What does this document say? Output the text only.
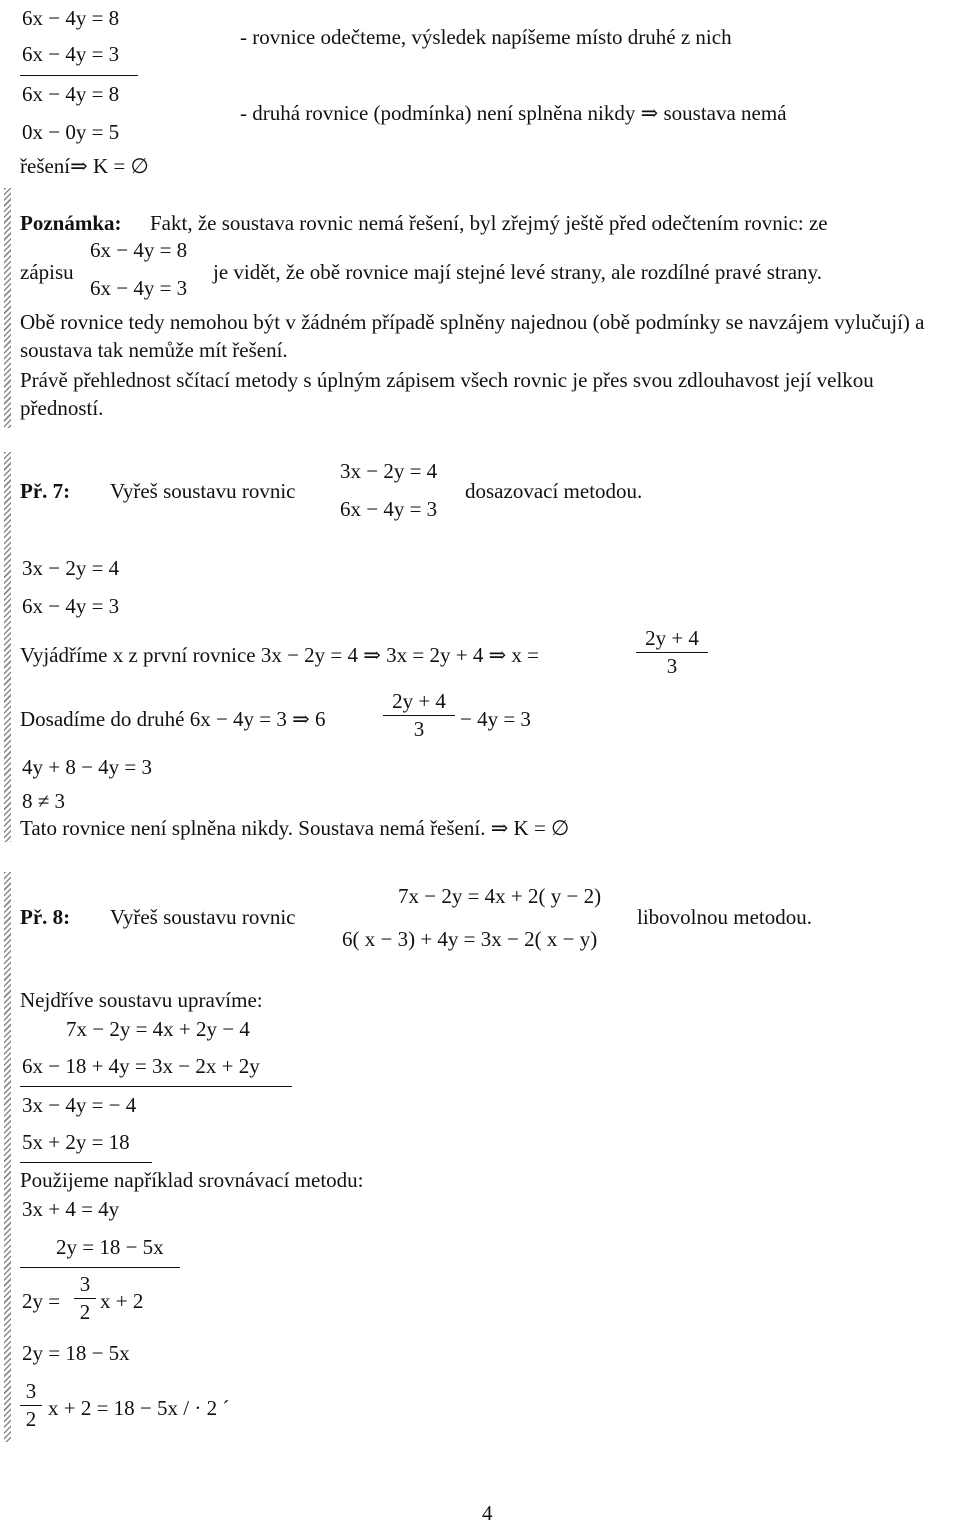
6x − 4y = 8
6x − 4y = 3
6x − 4y = 8
0x − 0y = 5
řešení⇒ K = ∅
- rovnice odečteme, výsledek napíšeme místo druhé z nich
- druhá rovnice (podmínka) není splněna nikdy ⇒ soustava nemá
Poznámka: Fakt, že soustava rovnic nemá řešení, byl zřejmý ještě před odečtením rovnic: ze
zápisu
6x − 4y = 8
6x − 4y = 3
je vidět, že obě rovnice mají stejné levé strany, ale rozdílné pravé strany.
Obě rovnice tedy nemohou být v žádném případě splněny najednou (obě podmínky se navzájem vylučují) a soustava tak nemůže mít řešení.
Právě přehlednost sčítací metody s úplným zápisem všech rovnic je přes svou zdlouhavost její velkou předností.
Př. 7: Vyřeš soustavu rovnic
3x − 2y = 4
6x − 4y = 3
dosazovací metodou.
3x − 2y = 4
6x − 4y = 3
Vyjádříme x z první rovnice 3x − 2y = 4 ⇒ 3x = 2y + 4 ⇒ x =
2y + 4
3
Dosadíme do druhé 6x − 4y = 3 ⇒ 6
2y + 4
3	− 4y = 3
4y + 8 − 4y = 3
8 ≠ 3
Tato rovnice není splněna nikdy. Soustava nemá řešení. ⇒ K = ∅
Př. 8: Vyřeš soustavu rovnic
7x − 2y = 4x + 2( y − 2)
6( x − 3) + 4y = 3x − 2( x − y)
libovolnou metodou.
Nejdříve soustavu upravíme:
7x − 2y = 4x + 2y − 4
6x − 18 + 4y = 3x − 2x + 2y
3x − 4y = − 4
5x + 2y = 18
Použijeme například srovnávací metodu:
3x + 4 = 4y
2y = 18 − 5x
2y =
3
2 x + 2
2y = 18 − 5x
3
2 x + 2 = 18 − 5x / · 2 ´
4
